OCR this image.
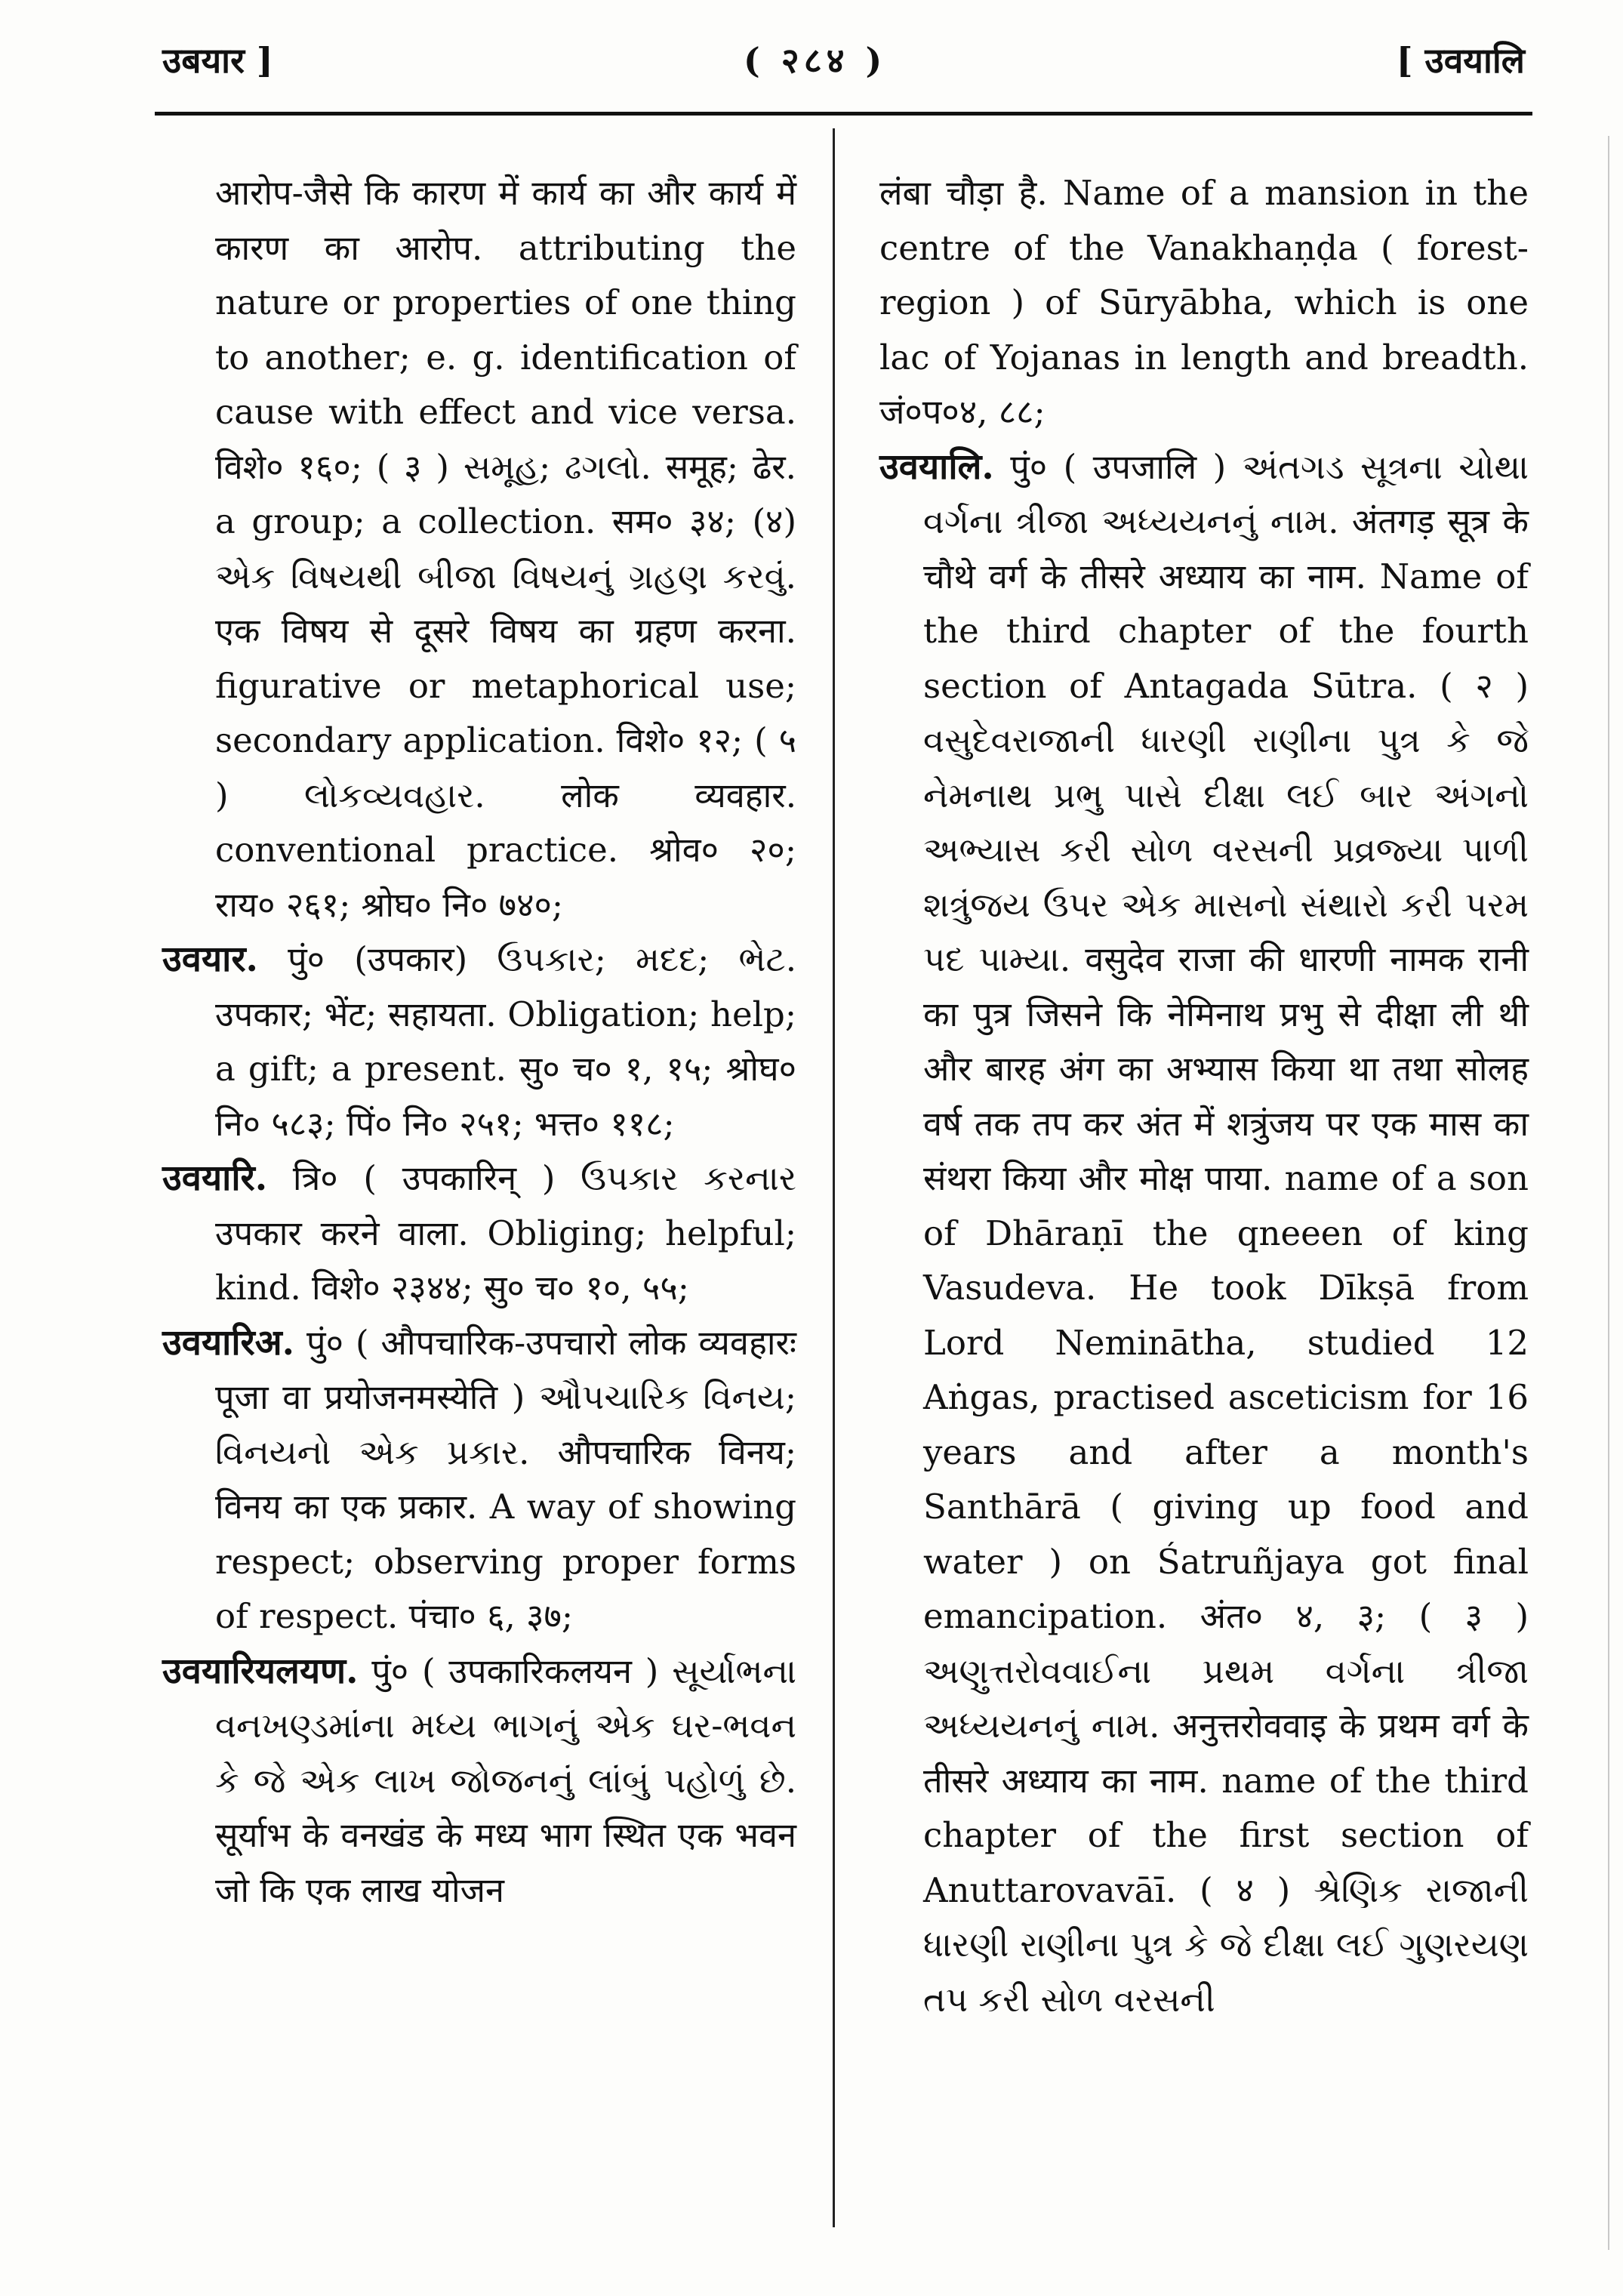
उबयार ]	( २८४ )	[ उवयालि

आरोप-जैसे कि कारण में कार्य का और कार्य में कारण का आरोप. attributing the nature or properties of one thing to another; e. g. identification of cause with effect and vice versa. विशे० १६०; ( ३ ) સમૂહ; ઢગલો. समूह; ढेर. a group; a collection. सम० ३४; (४) એક વિષયથી બીજા વિષયનું ગ્રહણ કરવું. एक विषय से दूसरे विषय का ग्रहण करना. figurative or metaphorical use; secondary application. विशे० १२; ( ५ ) લોકવ્યવહાર. लोक व्यवहार. conventional practice. श्रोव० २०; राय० २६१; श्रोघ० नि० ७४०;

उवयार. पुं० (उपकार) ઉપકાર; મદદ; ભેટ. उपकार; भेंट; सहायता. Obligation; help; a gift; a present. सु० च० १, १५; श्रोघ० नि० ५८३; पिं० नि० २५१; भत्त० ११८;

उवयारि. त्रि० ( उपकारिन् ) ઉપકાર કરનાર उपकार करने वाला. Obliging; helpful; kind. विशे० २३४४; सु० च० १०, ५५;

उवयारिअ. पुं० ( औपचारिक-उपचारो लोक व्यवहारः पूजा वा प्रयोजनमस्येति ) ઔપચારિક વિનય; વિનયનો એક પ્રકાર. औपचारिक विनय; विनय का एक प्रकार. A way of showing respect; observing proper forms of respect. पंचा० ६, ३७;

उवयारियलयण. पुं० ( उपकारिकलयन ) સૂર્યાભના વનખણ્ડમાંના મધ્ય ભાગનું એક ઘર-ભવન કે જે એક લાખ જોજનનું લાંબું પહોળું છે. सूर्याभ के वनखंड के मध्य भाग स्थित एक भवन जो कि एक लाख योजन

लंबा चौड़ा है. Name of a mansion in the centre of the Vanakhaṇḍa ( forest-region ) of Sūryābha, which is one lac of Yojanas in length and breadth. जं०प०४, ८८;

उवयालि. पुं० ( उपजालि ) અંતગડ સૂત્રના ચોથા વર્ગના ત્રીજા અધ્યયનનું નામ. अंतगड़ सूत्र के चौथे वर्ग के तीसरे अध्याय का नाम. Name of the third chapter of the fourth section of Antagada Sūtra. ( २ ) વસુદેવરાજાની ધારણી રાણીના પુત્ર કે જે નેમનાથ પ્રભુ પાસે દીક્ષા લઈ બાર અંગનો અભ્યાસ કરી સોળ વરસની પ્રવ્રજ્યા પાળી શત્રુંજય ઉપર એક માસનો સંથારો કરી પરમ પદ પામ્યા. वसुदेव राजा की धारणी नामक रानी का पुत्र जिसने कि नेमिनाथ प्रभु से दीक्षा ली थी और बारह अंग का अभ्यास किया था तथा सोलह वर्ष तक तप कर अंत में शत्रुंजय पर एक मास का संथरा किया और मोक्ष पाया. name of a son of Dhāraṇī the qneeen of king Vasudeva. He took Dīkṣā from Lord Neminātha, studied 12 Aṅgas, practised asceticism for 16 years and after a month's Santhārā ( giving up food and water ) on Śatruñjaya got final emancipation. अंत० ४, ३; ( ३ ) અણુત્તરોવવાઈના પ્રથમ વર્ગના ત્રીજા અધ્યયનનું નામ. अनुत्तरोववाइ के प्रथम वर्ग के तीसरे अध्याय का नाम. name of the third chapter of the first section of Anuttarovavāī. ( ४ ) શ્રેણિક રાજાની ધારણી રાણીના પુત્ર કે જે દીક્ષા લઈ ગુણરયણ તપ કરી સોળ વરસની
